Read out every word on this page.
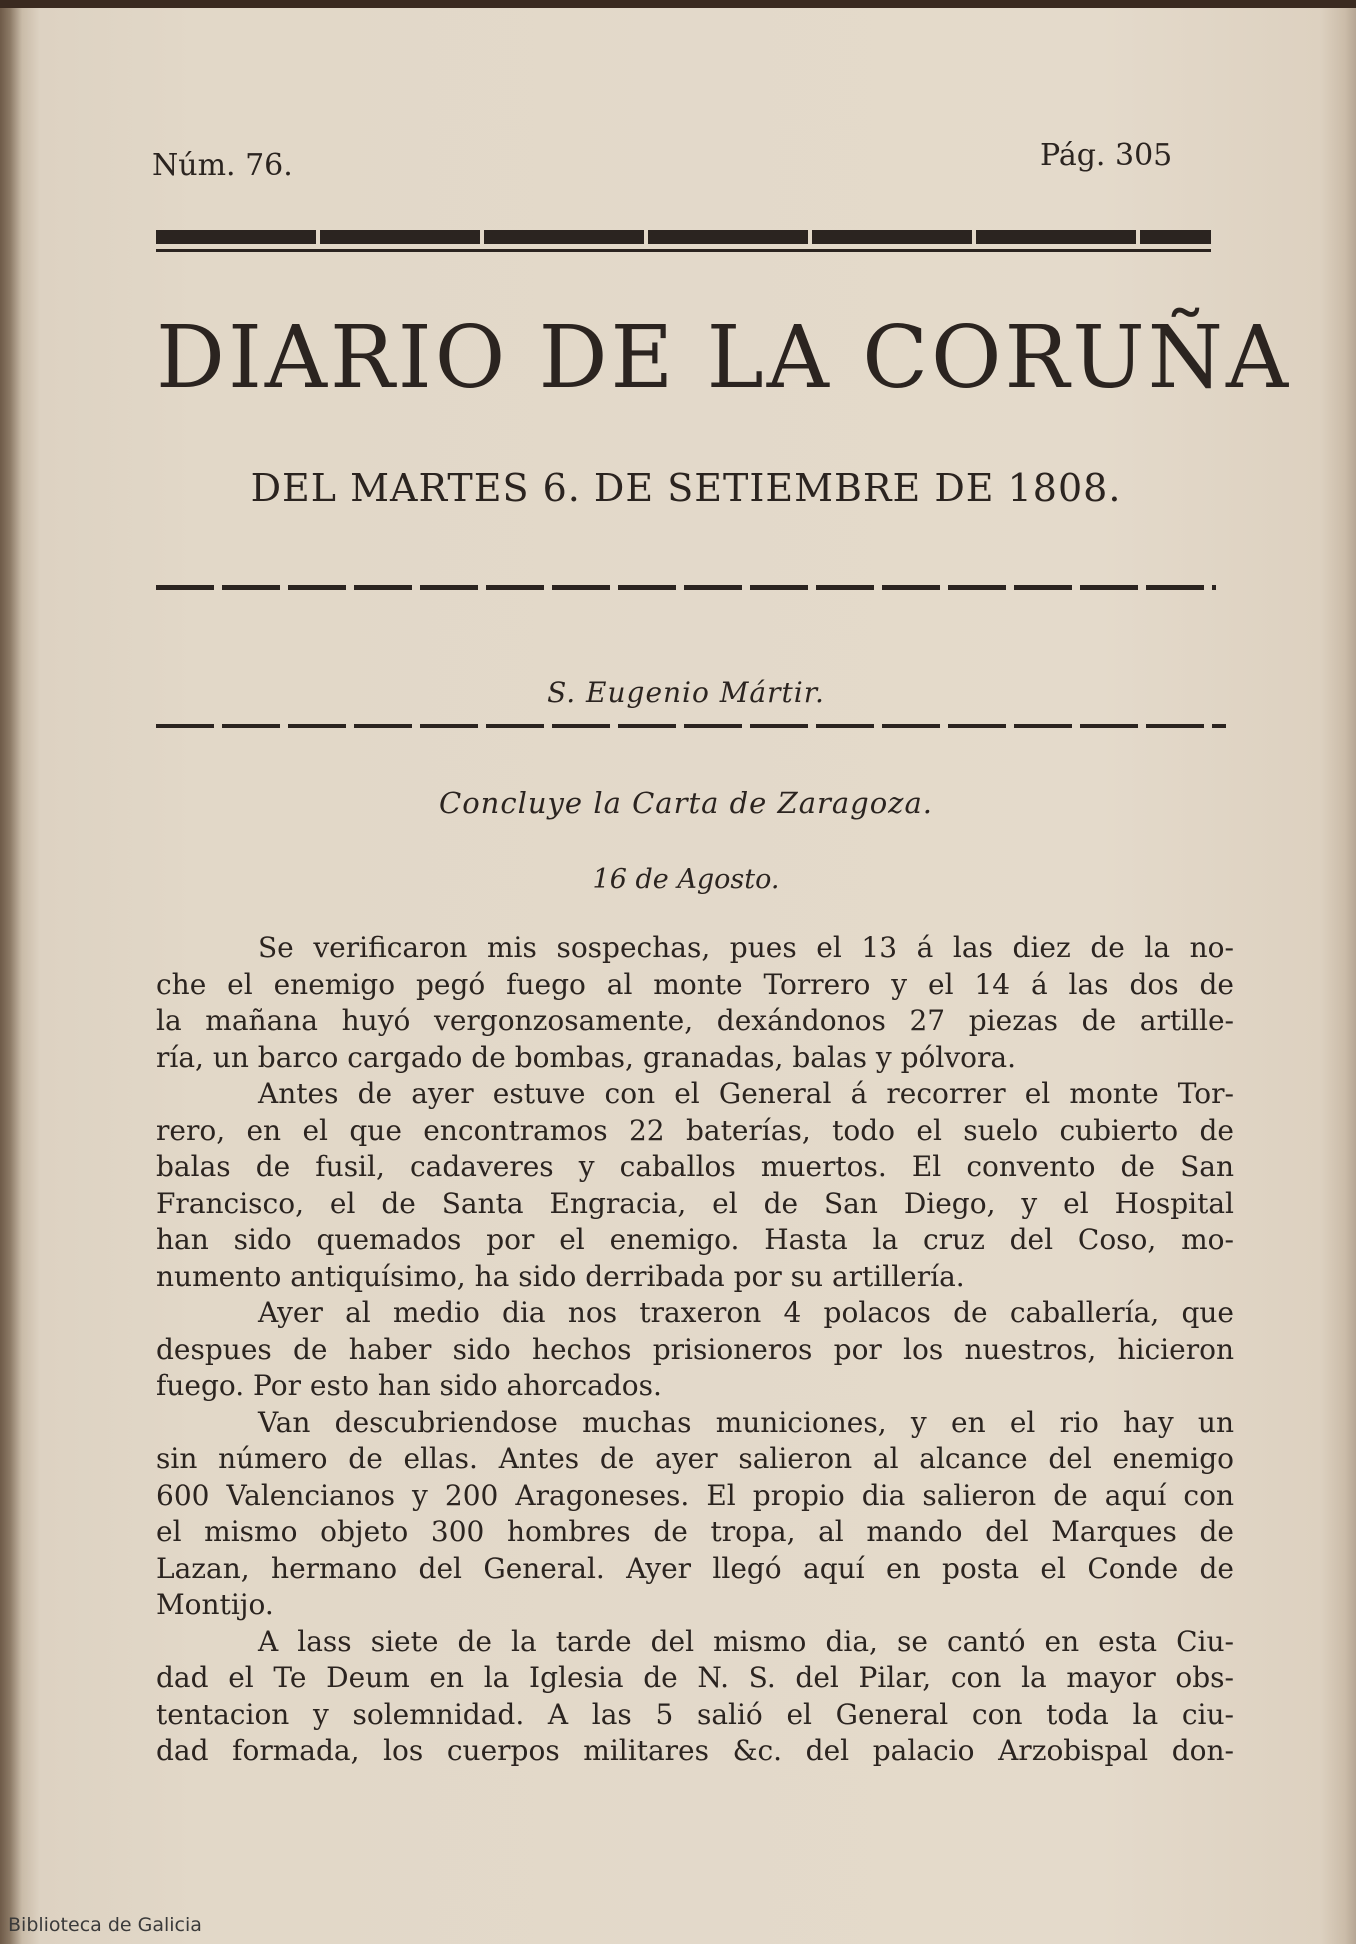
Núm. 76.	Pág. 305
DIARIO DE LA CORUÑA
DEL MARTES 6. DE SETIEMBRE DE 1808.
S. Eugenio Mártir.
Concluye la Carta de Zaragoza.
16 de Agosto.
Se verificaron mis sospechas, pues el 13 á las diez de la no-
che el enemigo pegó fuego al monte Torrero y el 14 á las dos de
la mañana huyó vergonzosamente, dexándonos 27 piezas de artille-
ría, un barco cargado de bombas, granadas, balas y pólvora.
Antes de ayer estuve con el General á recorrer el monte Tor-
rero, en el que encontramos 22 baterías, todo el suelo cubierto de
balas de fusil, cadaveres y caballos muertos. El convento de San
Francisco, el de Santa Engracia, el de San Diego, y el Hospital
han sido quemados por el enemigo. Hasta la cruz del Coso, mo-
numento antiquísimo, ha sido derribada por su artillería.
Ayer al medio dia nos traxeron 4 polacos de caballería, que
despues de haber sido hechos prisioneros por los nuestros, hicieron
fuego. Por esto han sido ahorcados.
Van descubriendose muchas municiones, y en el rio hay un
sin número de ellas. Antes de ayer salieron al alcance del enemigo
600 Valencianos y 200 Aragoneses. El propio dia salieron de aquí con
el mismo objeto 300 hombres de tropa, al mando del Marques de
Lazan, hermano del General. Ayer llegó aquí en posta el Conde de
Montijo.
A lass siete de la tarde del mismo dia, se cantó en esta Ciu-
dad el Te Deum en la Iglesia de N. S. del Pilar, con la mayor obs-
tentacion y solemnidad. A las 5 salió el General con toda la ciu-
dad formada, los cuerpos militares &c. del palacio Arzobispal don-
Biblioteca de Galicia
